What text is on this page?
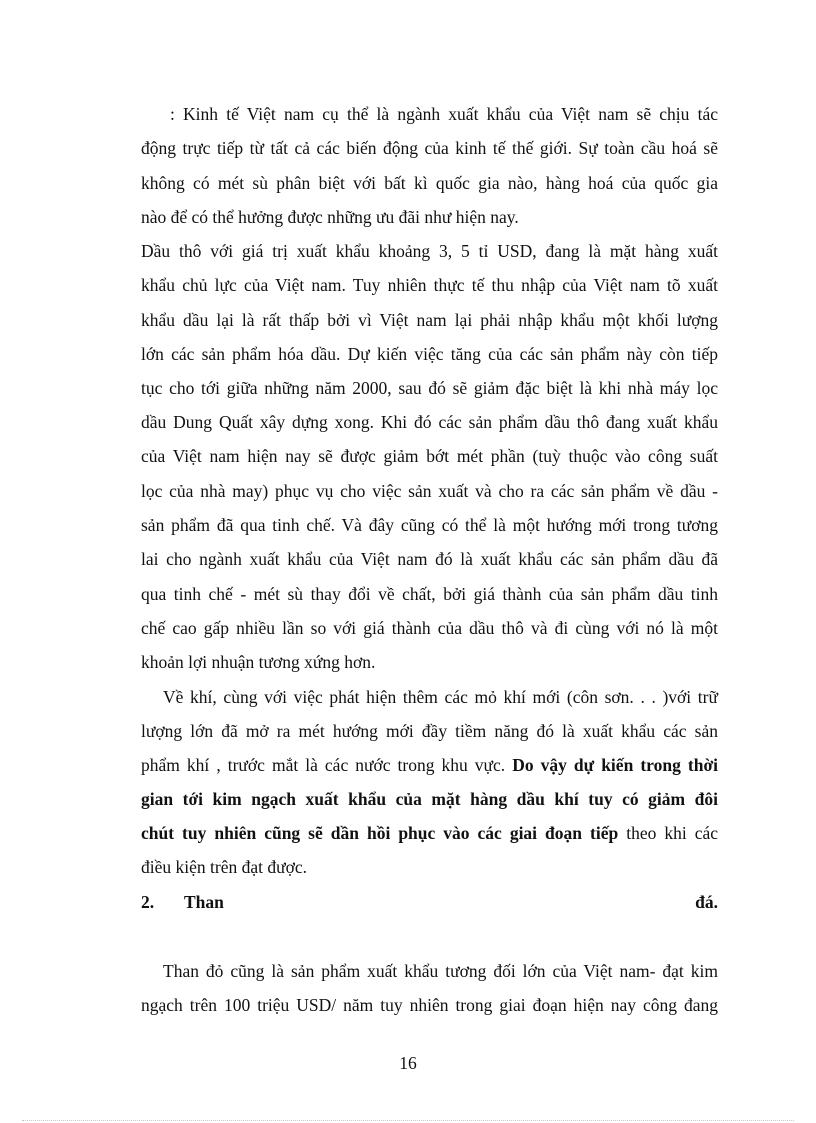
: Kinh tế Việt nam cụ thể là ngành xuất khẩu của Việt nam sẽ chịu tác
động trực tiếp từ tất cả các biến động của kinh tế thế giới. Sự toàn cầu hoá sẽ
không có mét sù phân biệt với bất kì quốc gia nào, hàng hoá của quốc gia
nào để có thể hưởng được những ưu đãi như hiện nay.
Dầu thô với giá trị xuất khẩu khoảng 3, 5 tỉ USD, đang là mặt hàng xuất
khẩu chủ lực của Việt nam. Tuy nhiên thực tế thu nhập của Việt nam tõ xuất
khẩu dầu lại là rất thấp bởi vì Việt nam lại phải nhập khẩu một khối lượng
lớn các sản phẩm hóa dầu. Dự kiến việc tăng của các sản phẩm này còn tiếp
tục cho tới giữa những năm 2000, sau đó sẽ giảm đặc biệt là khi nhà máy lọc
dầu Dung Quất xây dựng xong. Khi đó các sản phẩm dầu thô đang xuất khẩu
của Việt nam hiện nay sẽ được giảm bớt mét phần (tuỳ thuộc vào công suất
lọc của nhà may) phục vụ cho việc sản xuất và cho ra các sản phẩm về dầu -
sản phẩm đã qua tinh chế. Và đây cũng có thể là một hướng mới trong tương
lai cho ngành xuất khẩu của Việt nam đó là xuất khẩu các sản phẩm dầu đã
qua tinh chế - mét sù thay đổi về chất, bởi giá thành của sản phẩm dầu tinh
chế cao gấp nhiều lần so với giá thành của dầu thô và đi cùng với nó là một
khoản lợi nhuận tương xứng hơn.
Về khí, cùng với việc phát hiện thêm các mỏ khí mới (côn sơn. . . )với trữ
lượng lớn đã mở ra mét hướng mới đầy tiềm năng đó là xuất khẩu các sản
phẩm khí , trước mắt là các nước trong khu vực. Do vậy dự kiến trong thời
gian tới kim ngạch xuất khẩu của mặt hàng dầu khí tuy có giảm đôi
chút tuy nhiên cũng sẽ dần hồi phục vào các giai đoạn tiếp theo khi các
điều kiện trên đạt được.
2. Than	đá.
Than đỏ cũng là sản phẩm xuất khẩu tương đối lớn của Việt nam- đạt kim
ngạch trên 100 triệu USD/ năm tuy nhiên trong giai đoạn hiện nay công đang
16
